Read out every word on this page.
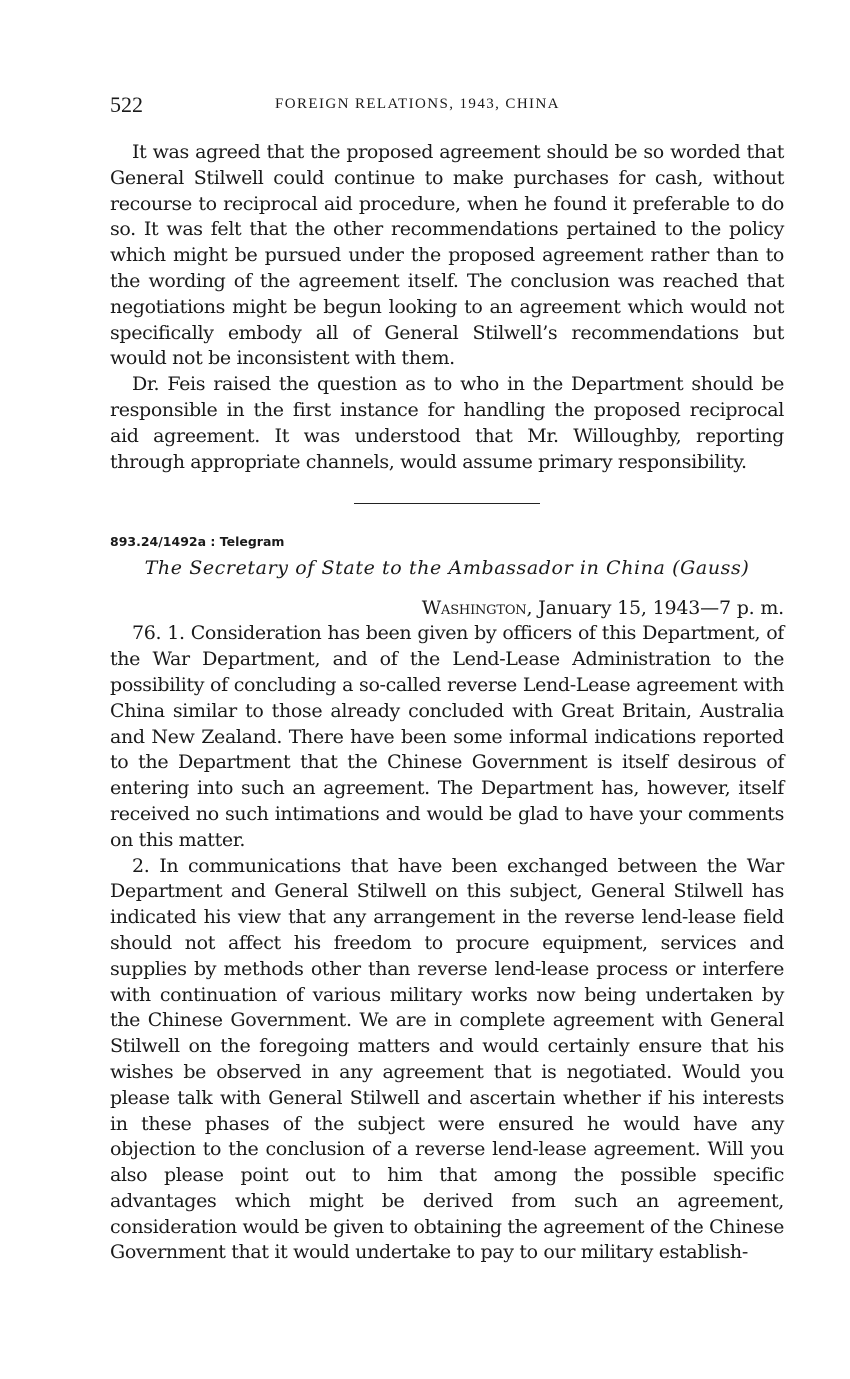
522	FOREIGN RELATIONS, 1943, CHINA

It was agreed that the proposed agreement should be so worded that General Stilwell could continue to make purchases for cash, without recourse to reciprocal aid procedure, when he found it preferable to do so. It was felt that the other recommendations pertained to the policy which might be pursued under the proposed agreement rather than to the wording of the agreement itself. The conclusion was reached that negotiations might be begun looking to an agreement which would not specifically embody all of General Stilwell’s recommendations but would not be inconsistent with them.

Dr. Feis raised the question as to who in the Department should be responsible in the first instance for handling the proposed reciprocal aid agreement. It was understood that Mr. Willoughby, reporting through appropriate channels, would assume primary responsibility.

893.24/1492a : Telegram
The Secretary of State to the Ambassador in China (Gauss)
Washington, January 15, 1943—7 p. m.

76. 1. Consideration has been given by officers of this Department, of the War Department, and of the Lend-Lease Administration to the possibility of concluding a so-called reverse Lend-Lease agreement with China similar to those already concluded with Great Britain, Australia and New Zealand. There have been some informal indications reported to the Department that the Chinese Government is itself desirous of entering into such an agreement. The Department has, however, itself received no such intimations and would be glad to have your comments on this matter.

2. In communications that have been exchanged between the War Department and General Stilwell on this subject, General Stilwell has indicated his view that any arrangement in the reverse lend-lease field should not affect his freedom to procure equipment, services and supplies by methods other than reverse lend-lease process or interfere with continuation of various military works now being undertaken by the Chinese Government. We are in complete agreement with General Stilwell on the foregoing matters and would certainly ensure that his wishes be observed in any agreement that is negotiated. Would you please talk with General Stilwell and ascertain whether if his interests in these phases of the subject were ensured he would have any objection to the conclusion of a reverse lend-lease agreement. Will you also please point out to him that among the possible specific advantages which might be derived from such an agreement, consideration would be given to obtaining the agreement of the Chinese Government that it would undertake to pay to our military establish-
